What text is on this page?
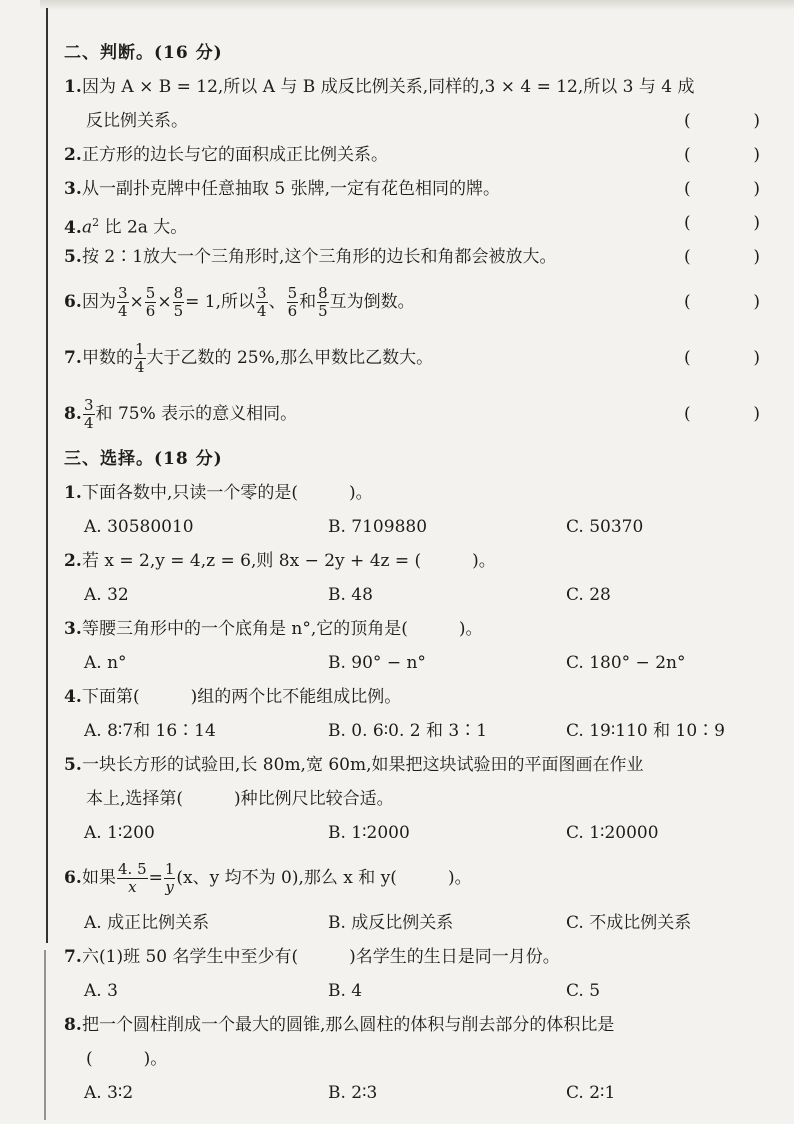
二、判断。(16 分)
1.因为 A × B = 12,所以 A 与 B 成反比例关系,同样的,3 × 4 = 12,所以 3 与 4 成
反比例关系。	(	)
2.正方形的边长与它的面积成正比例关系。	(	)
3.从一副扑克牌中任意抽取 5 张牌,一定有花色相同的牌。	(	)
$4.a^2$ 比 2a 大。	(	)
5.按 2∶1放大一个三角形时,这个三角形的边长和角都会被放大。	(	)
6.因为 $\frac{3}{4} \times \frac{5}{6} \times \frac{8}{5} = 1$,所以 $\frac{3}{4}$ 、 $\frac{5}{6}$ 和 $\frac{8}{5}$ 互为倒数。	(	)
7.甲数的 $\frac{1}{4}$ 大于乙数的 25%,那么甲数比乙数大。	(	)
8. $\frac{3}{4}$ 和 75% 表示的意义相同。	(	)
三、选择。(18 分)
1.下面各数中,只读一个零的是(　　　)。
A. 30580010	B. 7109880	C. 50370
2.若 x = 2,y = 4,z = 6,则 8x − 2y + 4z = (　　　)。
A. 32	B. 48	C. 28
3.等腰三角形中的一个底角是 n°,它的顶角是(　　　)。
A. n°	B. 90° − n°	C. 180° − 2n°
4.下面第(　　　)组的两个比不能组成比例。
A. 8∶7和 16∶14	B. 0. 6∶0. 2 和 3∶1	C. 19∶110 和 10∶9
5.一块长方形的试验田,长 80m,宽 60m,如果把这块试验田的平面图画在作业
本上,选择第(　　　)种比例尺比较合适。
A. 1∶200	B. 1∶2000	C. 1∶20000
6.如果 $\frac{4. 5}{x} = \frac{1}{y} (x$、y 均不为 0),那么 x 和 y(　　　)。
A. 成正比例关系	B. 成反比例关系	C. 不成比例关系
7.六(1)班 50 名学生中至少有(　　　)名学生的生日是同一月份。
A. 3	B. 4	C. 5
8.把一个圆柱削成一个最大的圆锥,那么圆柱的体积与削去部分的体积比是
(　　　)。
A. 3∶2	B. 2∶3	C. 2∶1
